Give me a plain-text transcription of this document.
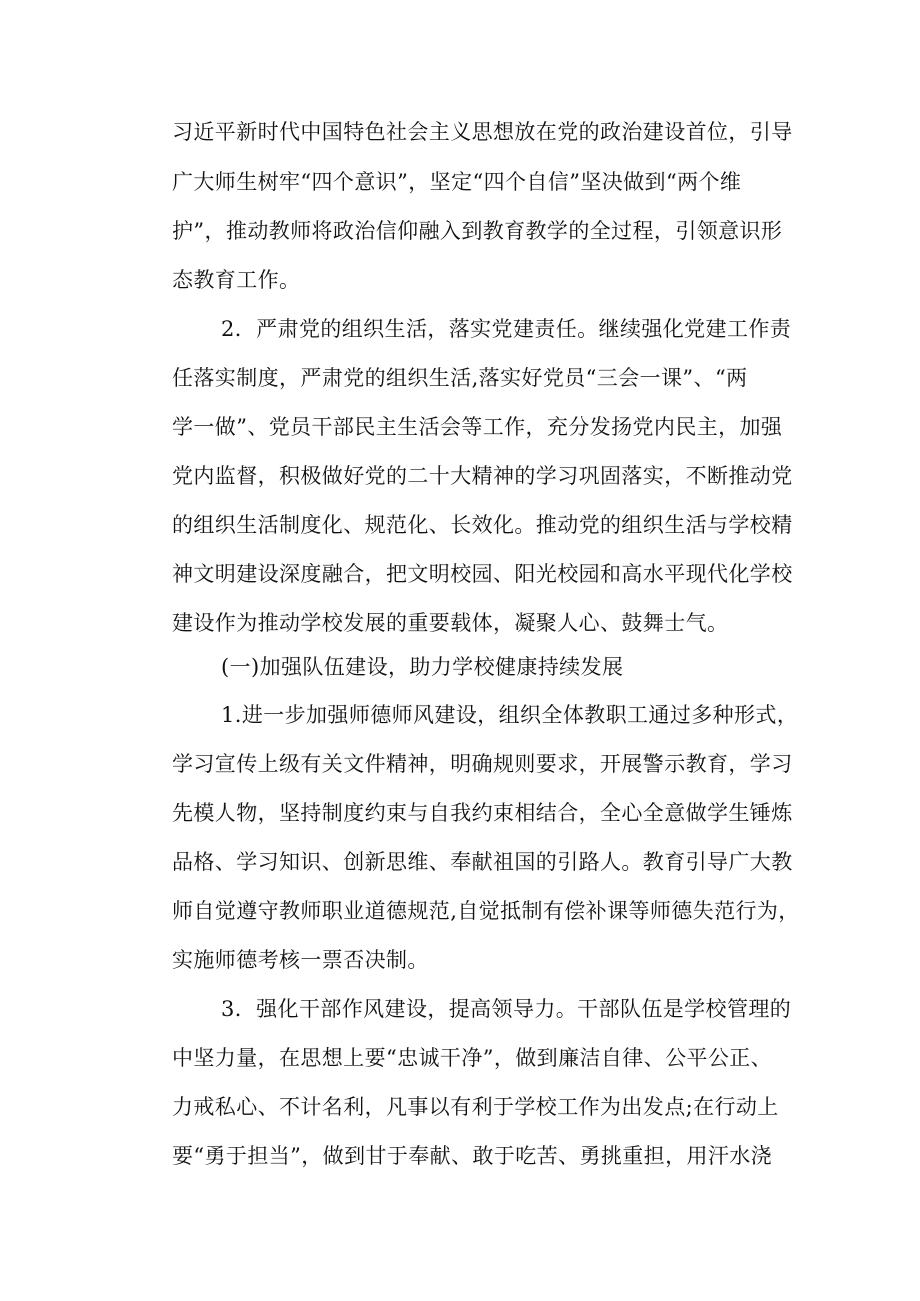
习近平新时代中国特色社会主义思想放在党的政治建设首位，引导
广大师生树牢“四个意识”，坚定“四个自信”坚决做到“两个维
护”，推动教师将政治信仰融入到教育教学的全过程，引领意识形
态教育工作。
2．严肃党的组织生活，落实党建责任。继续强化党建工作责
任落实制度，严肃党的组织生活,落实好党员“三会一课”、“两
学一做”、党员干部民主生活会等工作，充分发扬党内民主，加强
党内监督，积极做好党的二十大精神的学习巩固落实，不断推动党
的组织生活制度化、规范化、长效化。推动党的组织生活与学校精
神文明建设深度融合，把文明校园、阳光校园和高水平现代化学校
建设作为推动学校发展的重要载体，凝聚人心、鼓舞士气。
(一)加强队伍建设，助力学校健康持续发展
1.进一步加强师德师风建设，组织全体教职工通过多种形式，
学习宣传上级有关文件精神，明确规则要求，开展警示教育，学习
先模人物，坚持制度约束与自我约束相结合，全心全意做学生锤炼
品格、学习知识、创新思维、奉献祖国的引路人。教育引导广大教
师自觉遵守教师职业道德规范,自觉抵制有偿补课等师德失范行为，
实施师德考核一票否决制。
3．强化干部作风建设，提高领导力。干部队伍是学校管理的
中坚力量，在思想上要“忠诚干净”，做到廉洁自律、公平公正、
力戒私心、不计名利，凡事以有利于学校工作为出发点;在行动上
要“勇于担当”，做到甘于奉献、敢于吃苦、勇挑重担，用汗水浇
